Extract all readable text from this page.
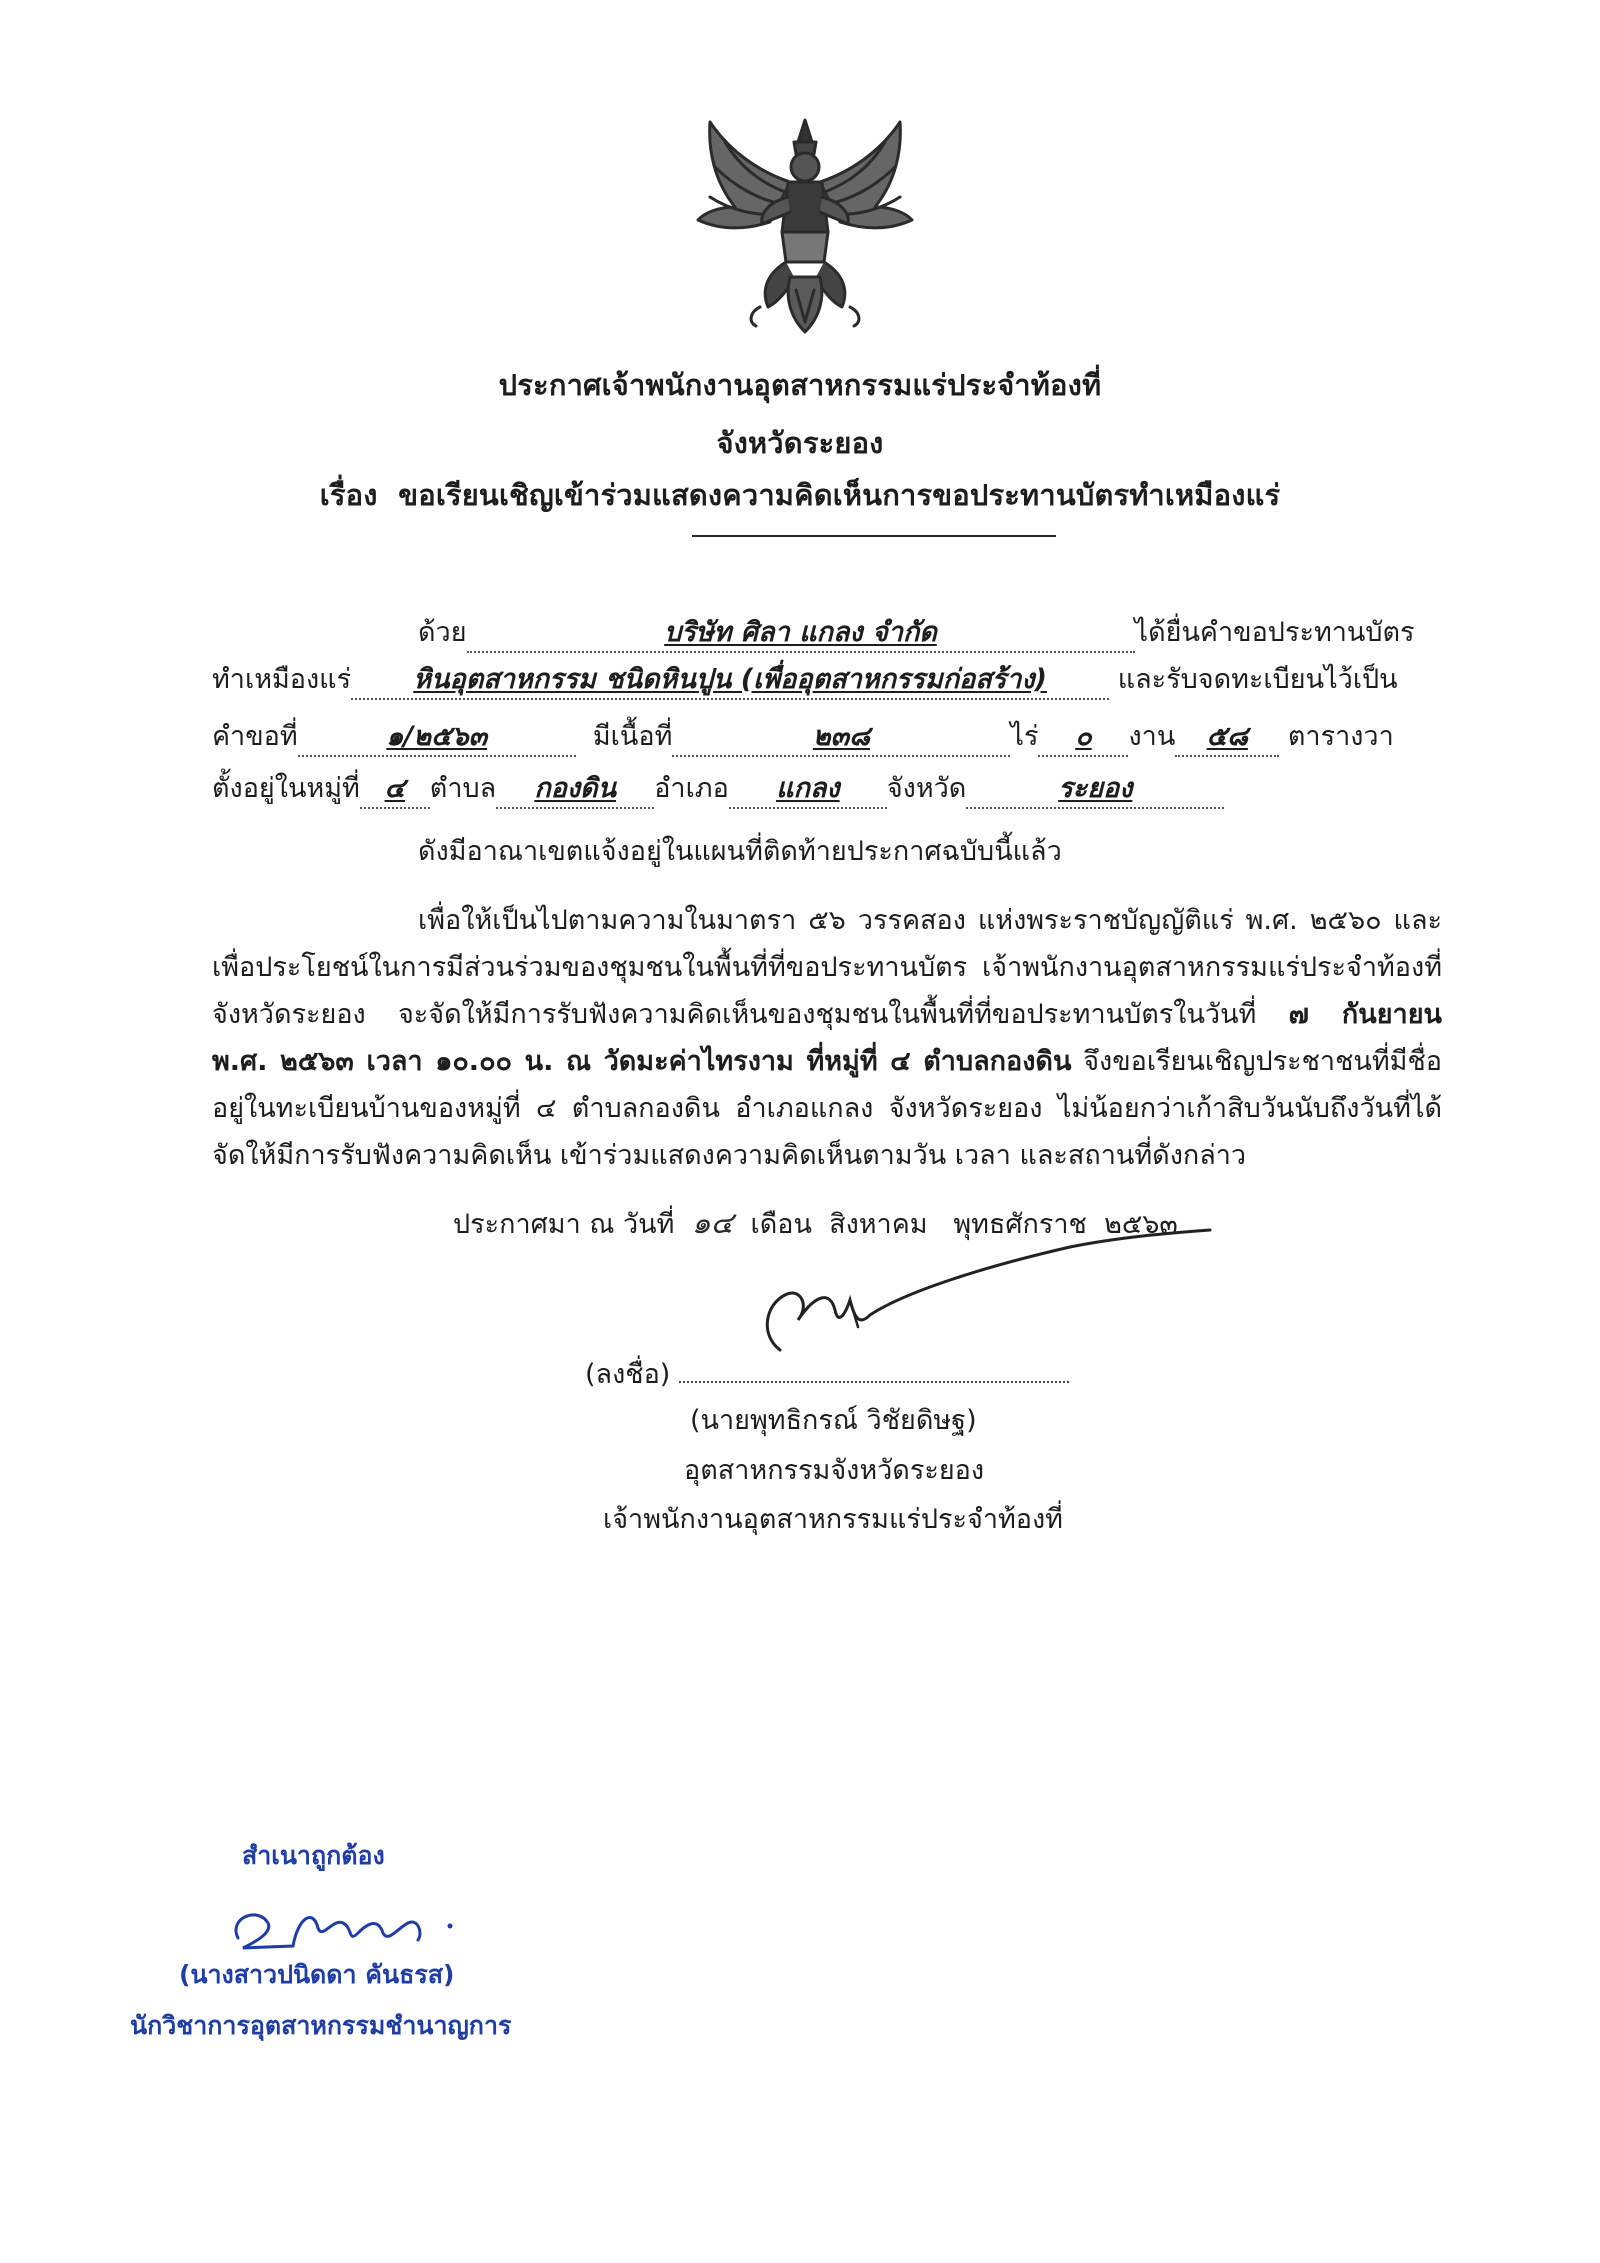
ประกาศเจ้าพนักงานอุตสาหกรรมแร่ประจำท้องที่
จังหวัดระยอง
เรื่อง ขอเรียนเชิญเข้าร่วมแสดงความคิดเห็นการขอประทานบัตรทำเหมืองแร่
ด้วย	บริษัท ศิลา แกลง จำกัด	ได้ยื่นคำขอประทานบัตร
ทำเหมืองแร่ หินอุตสาหกรรม ชนิดหินปูน (เพื่ออุตสาหกรรมก่อสร้าง)	และรับจดทะเบียนไว้เป็น
คำขอที่	๑/๒๕๖๓	มีเนื้อที่	๒๓๘	ไร่ ๐ งาน ๕๘ ตารางวา
ตั้งอยู่ในหมู่ที่ ๔ ตำบล กองดิน อำเภอ แกลง จังหวัด	ระยอง
ดังมีอาณาเขตแจ้งอยู่ในแผนที่ติดท้ายประกาศฉบับนี้แล้ว
เพื่อให้เป็นไปตามความในมาตรา ๕๖ วรรคสอง แห่งพระราชบัญญัติแร่ พ.ศ. ๒๕๖๐ และ
เพื่อประโยชน์ในการมีส่วนร่วมของชุมชนในพื้นที่ที่ขอประทานบัตร เจ้าพนักงานอุตสาหกรรมแร่ประจำท้องที่
จังหวัดระยอง จะจัดให้มีการรับฟังความคิดเห็นของชุมชนในพื้นที่ที่ขอประทานบัตรในวันที่ ๗ กันยายน
พ.ศ. ๒๕๖๓ เวลา ๑๐.๐๐ น. ณ วัดมะค่าไทรงาม ที่หมู่ที่ ๔ ตำบลกองดิน จึงขอเรียนเชิญประชาชนที่มีชื่อ
อยู่ในทะเบียนบ้านของหมู่ที่ ๔ ตำบลกองดิน อำเภอแกลง จังหวัดระยอง ไม่น้อยกว่าเก้าสิบวันนับถึงวันที่ได้
จัดให้มีการรับฟังความคิดเห็น เข้าร่วมแสดงความคิดเห็นตามวัน เวลา และสถานที่ดังกล่าว
ประกาศมา ณ วันที่ ๑๔ เดือน สิงหาคม พุทธศักราช ๒๕๖๓
(ลงชื่อ)
(นายพุทธิกรณ์ วิชัยดิษฐ)
อุตสาหกรรมจังหวัดระยอง
เจ้าพนักงานอุตสาหกรรมแร่ประจำท้องที่
สำเนาถูกต้อง
(นางสาวปนิดดา คันธรส)
นักวิชาการอุตสาหกรรมชำนาญการ
